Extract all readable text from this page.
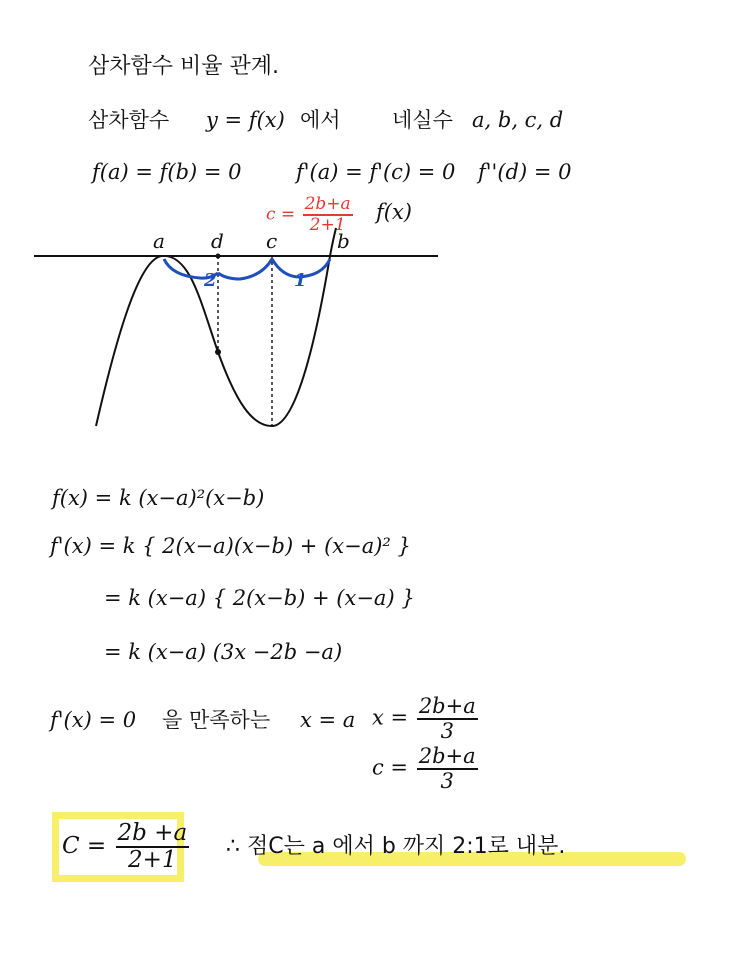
삼차함수 비율 관계.
삼차함수 y = f(x) 에서 네실수 a, b, c, d
f(a) = f(b) = 0	f'(a) = f'(c) = 0 f''(d) = 0
$c = \frac{2b+a}{2+1} f(x)$
2	1
a d c	b
f(x) = k (x−a)²(x−b)
f'(x) = k { 2(x−a)(x−b) + (x−a)² }
= k (x−a) { 2(x−b) + (x−a) }
= k (x−a) (3x −2b −a)
f'(x) = 0 을 만족하는 x = a $x = \frac{2b+a}{3}$
$c = \frac{2b+a}{3}$
$C = \frac{2b +a}{2+1}$ ∴ 점C는 a 에서 b 까지 2:1로 내분.
